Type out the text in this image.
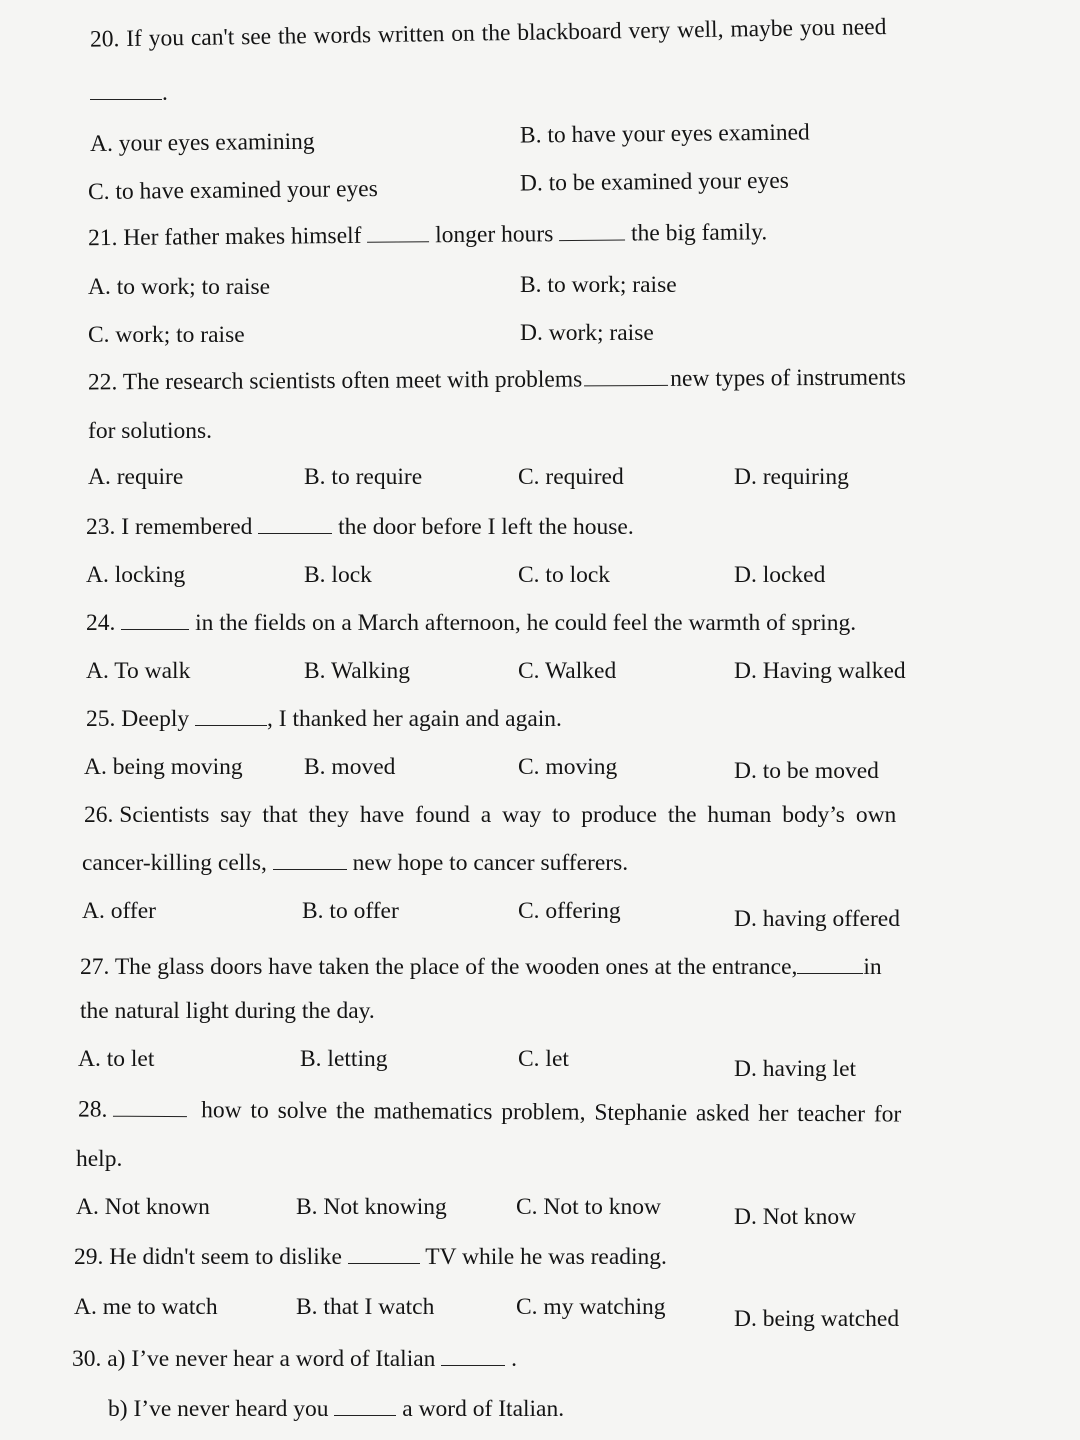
20. If you can't see the words written on the blackboard very well, maybe you need
.
A. your eyes examining	B. to have your eyes examined
C. to have examined your eyes	D. to be examined your eyes
21. Her father makes himself	longer hours	the big family.
A. to work; to raise	B. to work; raise
C. work; to raise	D. work; raise
22. The research scientists often meet with problems	new types of instruments
for solutions.
A. require	B. to require	C. required	D. requiring
23. I remembered	the door before I left the house.
A. locking	B. lock	C. to lock	D. locked
24.	in the fields on a March afternoon, he could feel the warmth of spring.
A. To walk	B. Walking	C. Walked	D. Having walked
25. Deeply	, I thanked her again and again.
A. being moving	B. moved	C. moving	D. to be moved
26. Scientists say that they have found a way to produce the human body’s own
cancer-killing cells,	new hope to cancer sufferers.
A. offer	B. to offer	C. offering	D. having offered
27. The glass doors have taken the place of the wooden ones at the entrance,	in
the natural light during the day.
A. to let	B. letting	C. let	D. having let
28.	how to solve the mathematics problem, Stephanie asked her teacher for
help.
A. Not known	B. Not knowing	C. Not to know	D. Not know
29. He didn't seem to dislike	TV while he was reading.
A. me to watch	B. that I watch	C. my watching	D. being watched
30. a) I’ve never hear a word of Italian	.
b) I’ve never heard you	a word of Italian.
